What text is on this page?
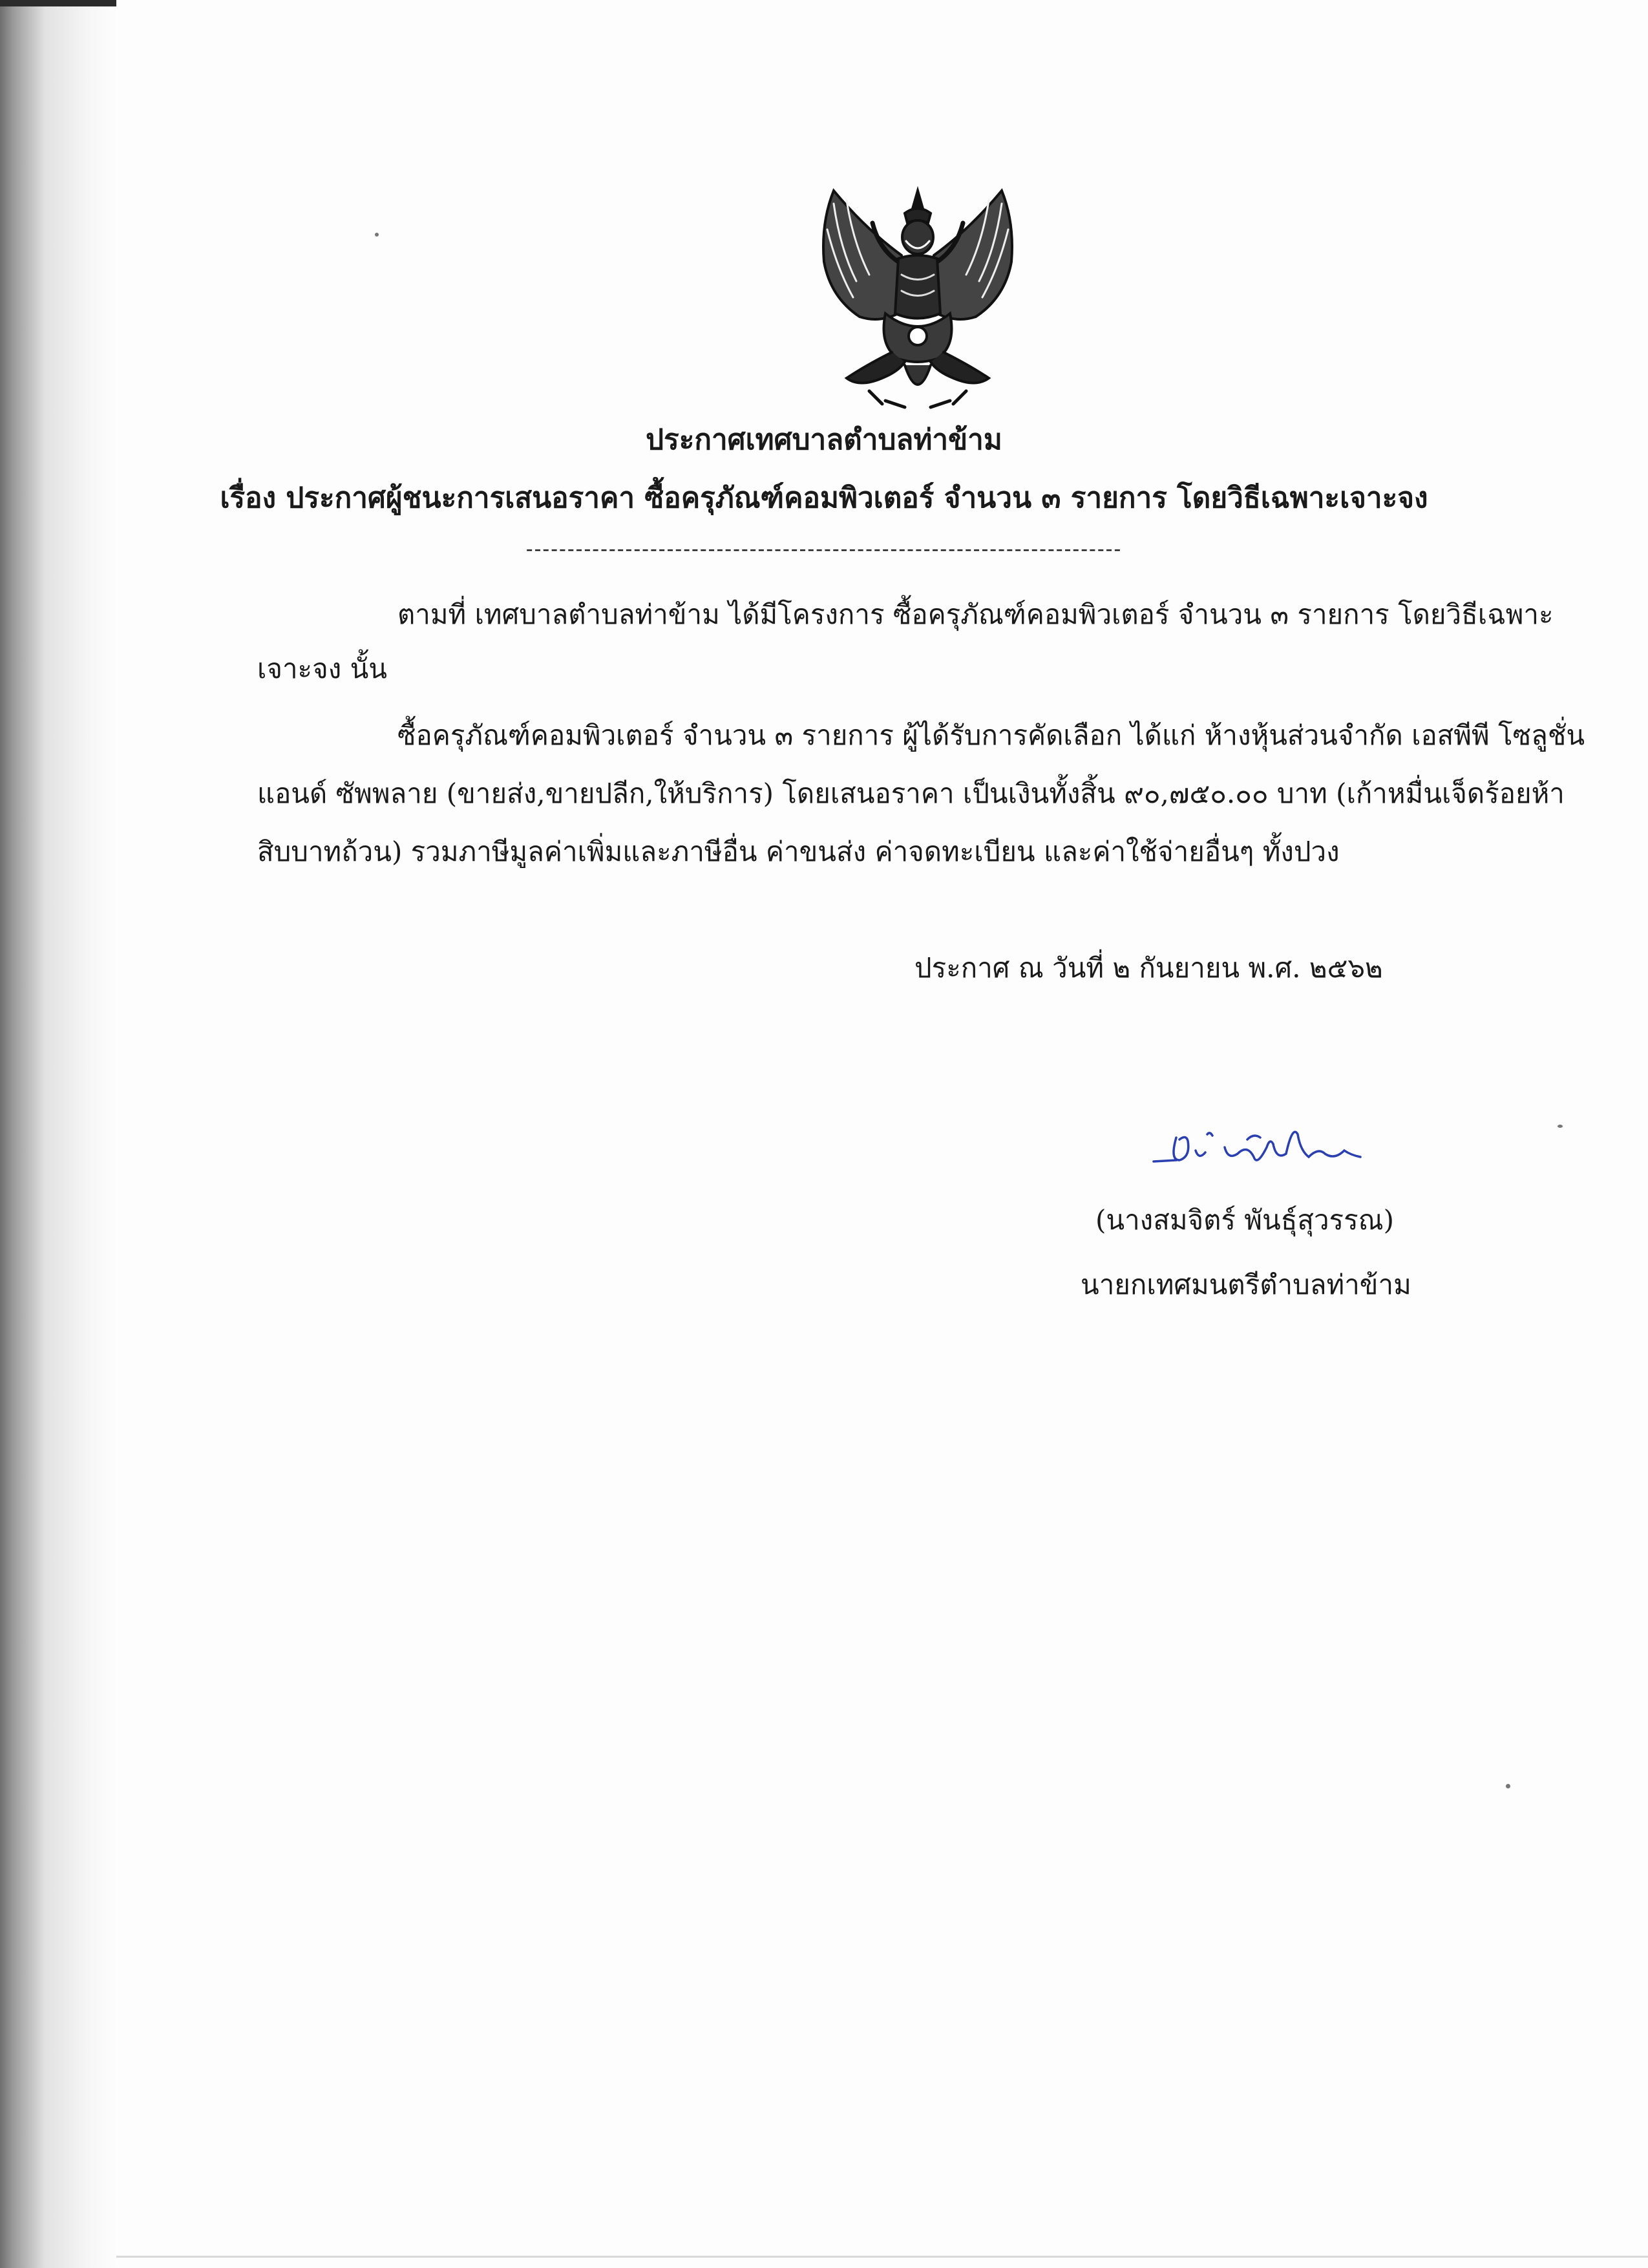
ประกาศเทศบาลตำบลท่าข้าม
เรื่อง ประกาศผู้ชนะการเสนอราคา ซื้อครุภัณฑ์คอมพิวเตอร์ จำนวน ๓ รายการ โดยวิธีเฉพาะเจาะจง
------------------------------------------------------------------------
ตามที่ เทศบาลตำบลท่าข้าม ได้มีโครงการ ซื้อครุภัณฑ์คอมพิวเตอร์ จำนวน ๓ รายการ โดยวิธีเฉพาะ
เจาะจง นั้น
ซื้อครุภัณฑ์คอมพิวเตอร์ จำนวน ๓ รายการ ผู้ได้รับการคัดเลือก ได้แก่ ห้างหุ้นส่วนจำกัด เอสพีพี โซลูชั่น
แอนด์ ซัพพลาย (ขายส่ง,ขายปลีก,ให้บริการ) โดยเสนอราคา เป็นเงินทั้งสิ้น ๙๐,๗๕๐.๐๐ บาท (เก้าหมื่นเจ็ดร้อยห้า
สิบบาทถ้วน) รวมภาษีมูลค่าเพิ่มและภาษีอื่น ค่าขนส่ง ค่าจดทะเบียน และค่าใช้จ่ายอื่นๆ ทั้งปวง
ประกาศ ณ วันที่ ๒ กันยายน พ.ศ. ๒๕๖๒
(นางสมจิตร์ พันธุ์สุวรรณ)
นายกเทศมนตรีตำบลท่าข้าม
